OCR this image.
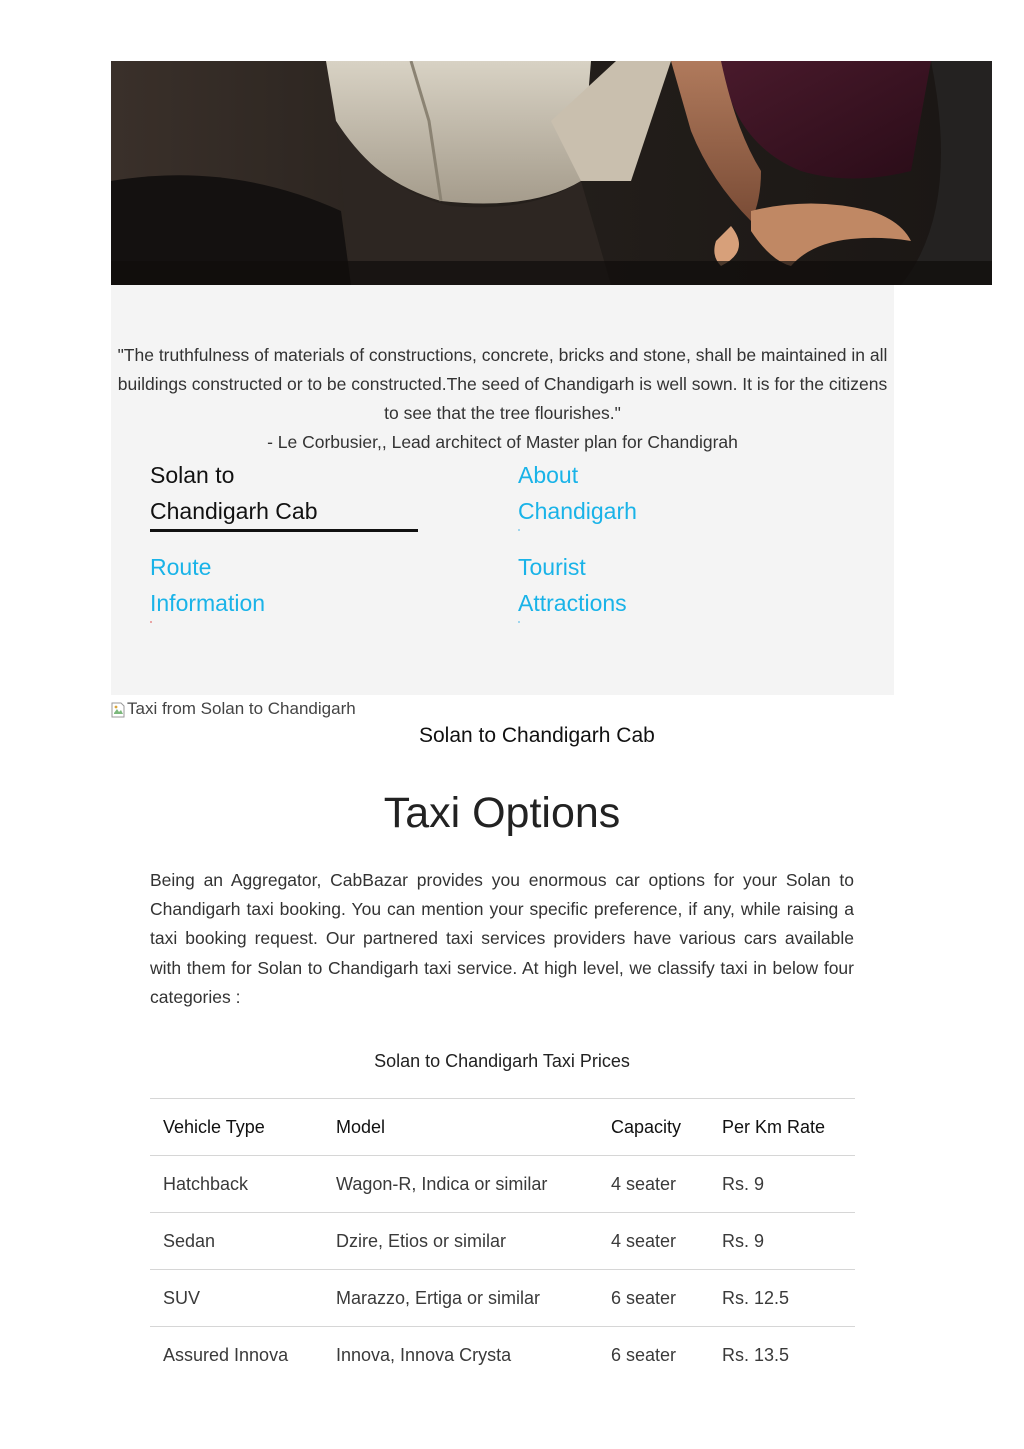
"The truthfulness of materials of constructions, concrete, bricks and stone, shall be maintained in all buildings constructed or to be constructed.The seed of Chandigarh is well sown. It is for the citizens to see that the tree flourishes."
- Le Corbusier,, Lead architect of Master plan for Chandigrah
Solan to
Chandigarh Cab
About
Chandigarh
Route
Information
Tourist
Attractions
Taxi from Solan to Chandigarh
Solan to Chandigarh Cab
Taxi Options

Being an Aggregator, CabBazar provides you enormous car options for your Solan to Chandigarh taxi booking. You can mention your specific preference, if any, while raising a taxi booking request. Our partnered taxi services providers have various cars available with them for Solan to Chandigarh taxi service. At high level, we classify taxi in below four categories :

Solan to Chandigarh Taxi Prices
Vehicle Type	Model	Capacity	Per Km Rate
Hatchback	Wagon-R, Indica or similar	4 seater	Rs. 9
Sedan	Dzire, Etios or similar	4 seater	Rs. 9
SUV	Marazzo, Ertiga or similar	6 seater	Rs. 12.5
Assured Innova	Innova, Innova Crysta	6 seater	Rs. 13.5
